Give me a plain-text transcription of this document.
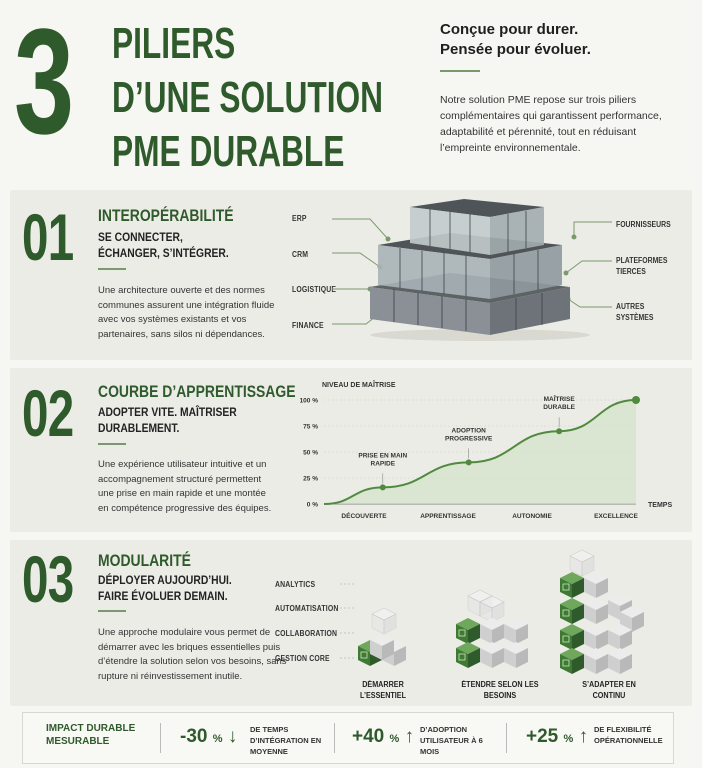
3 PILIERS
D’UNE SOLUTION
PME DURABLE
Conçue pour durer.
Pensée pour évoluer.
Notre solution PME repose sur trois piliers complémentaires qui garantissent performance, adaptabilité et pérennité, tout en réduisant l’empreinte environnementale.
01 INTEROPÉRABILITÉ
SE CONNECTER, ÉCHANGER, S’INTÉGRER.
Une architecture ouverte et des normes communes assurent une intégration fluide avec vos systèmes existants et vos partenaires, sans silos ni dépendances.
ERP
CRM
LOGISTIQUE
FINANCE
FOURNISSEURS
PLATEFORMES TIERCES
AUTRES SYSTÈMES
02 COURBE D’APPRENTISSAGE
ADOPTER VITE. MAÎTRISER DURABLEMENT.
Une expérience utilisateur intuitive et un accompagnement structuré permettent une prise en main rapide et une montée en compétence progressive des équipes.
NIVEAU DE MAÎTRISE
TEMPS
0 %
25 %
50 %
75 %
100 %
DÉCOUVERTE	APPRENTISSAGE	AUTONOMIE	EXCELLENCE
PRISE EN MAIN RAPIDE
ADOPTION PROGRESSIVE
MAÎTRISE DURABLE
03 MODULARITÉ
DÉPLOYER AUJOURD’HUI. FAIRE ÉVOLUER DEMAIN.
Une approche modulaire vous permet de démarrer avec les briques essentielles puis d’étendre la solution selon vos besoins, sans rupture ni réinvestissement inutile.
ANALYTICS
AUTOMATISATION
COLLABORATION
GESTION CORE
DÉMARRER L’ESSENTIEL
ÉTENDRE SELON LES BESOINS
S’ADAPTER EN CONTINU
IMPACT DURABLE MESURABLE	-30 % ↓ DE TEMPS D’INTÉGRATION EN MOYENNE
+40 % ↑ D’ADOPTION UTILISATEUR À 6 MOIS
+25 % ↑ DE FLEXIBILITÉ OPÉRATIONNELLE
